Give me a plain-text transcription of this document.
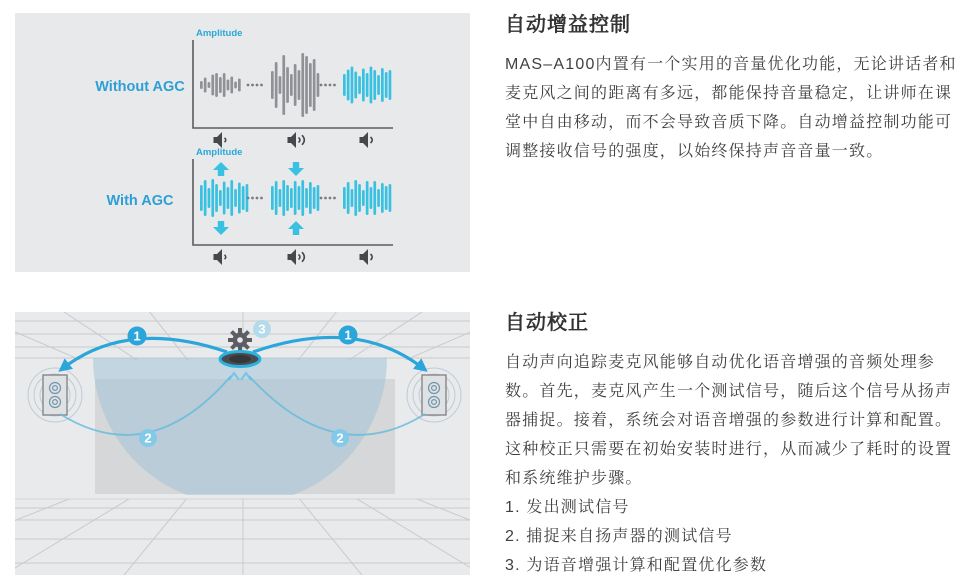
Amplitude
Without AGC
Amplitude
With AGC
自动增益控制

MAS–A100内置有一个实用的音量优化功能，无论讲话者和麦克风之间的距离有多远，都能保持音量稳定，让讲师在课堂中自由移动，而不会导致音质下降。自动增益控制功能可调整接收信号的强度，以始终保持声音音量一致。

3
1	1
2	2
自动校正

自动声向追踪麦克风能够自动优化语音增强的音频处理参数。首先，麦克风产生一个测试信号，随后这个信号从扬声器捕捉。接着，系统会对语音增强的参数进行计算和配置。这种校正只需要在初始安装时进行，从而减少了耗时的设置和系统维护步骤。

1. 发出测试信号
2. 捕捉来自扬声器的测试信号
3. 为语音增强计算和配置优化参数
